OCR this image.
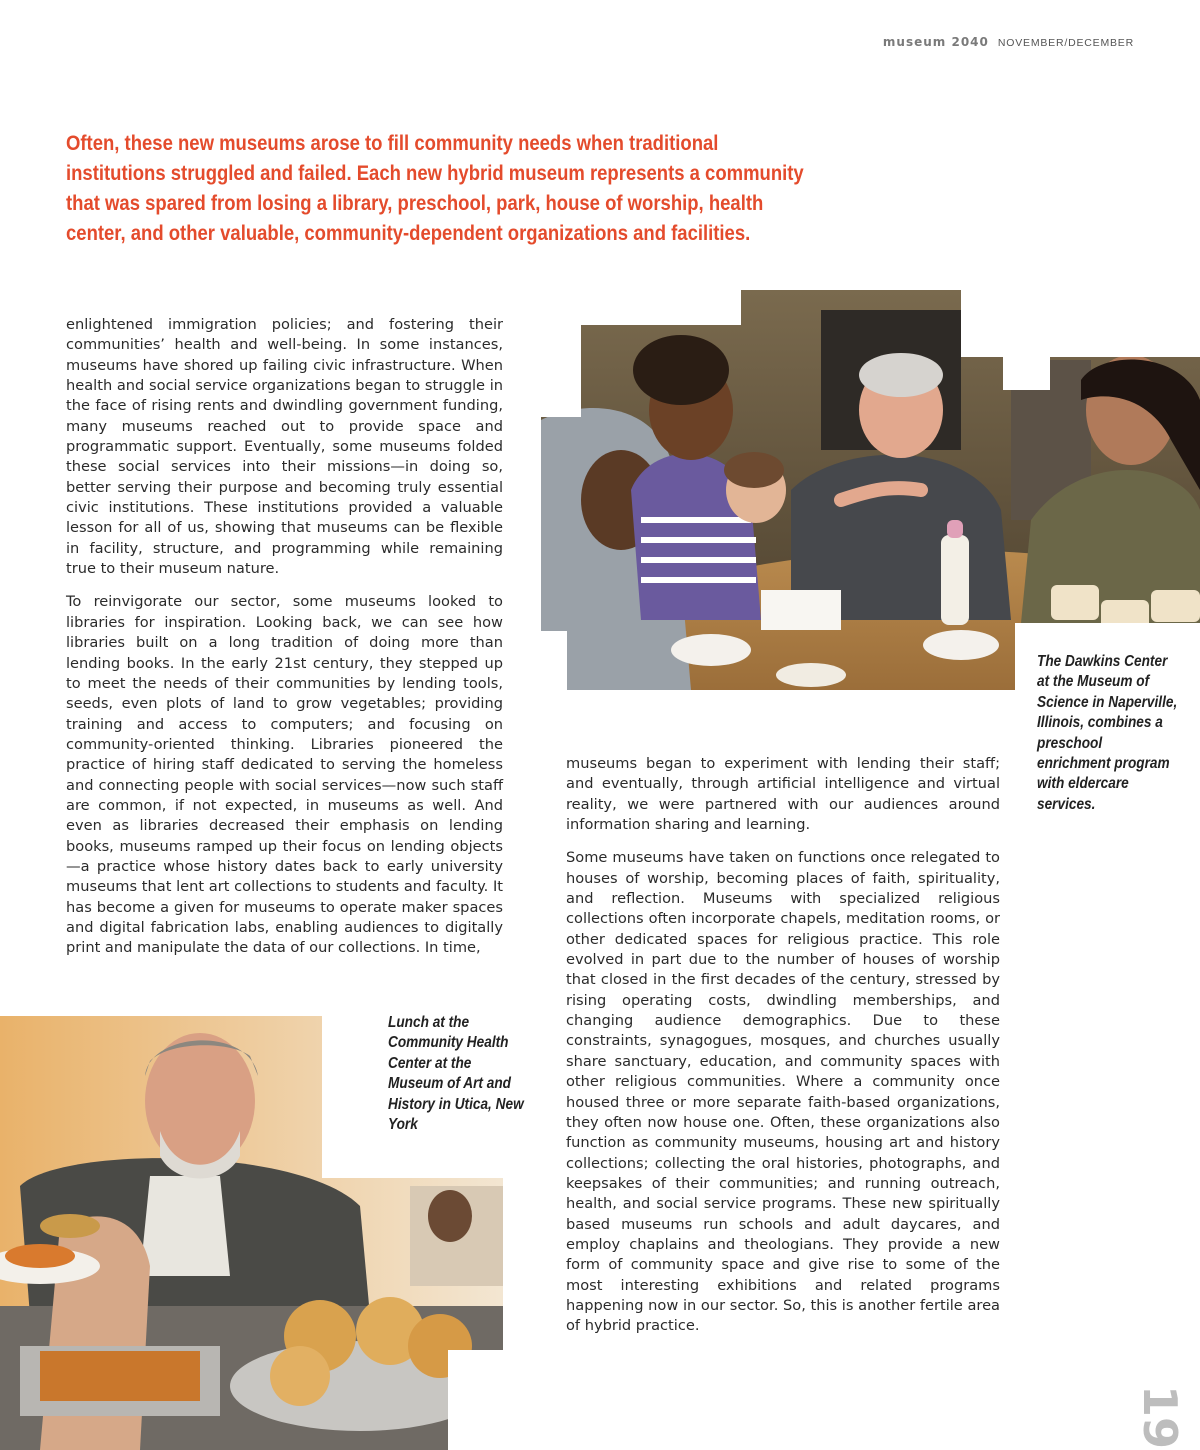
museum 2040 NOVEMBER/DECEMBER

Often, these new museums arose to fill community needs when traditional institutions struggled and failed. Each new hybrid museum represents a community that was spared from losing a library, preschool, park, house of worship, health center, and other valuable, community-dependent organizations and facilities.

The Dawkins Center at the Museum of Science in Naperville, Illinois, combines a preschool enrichment program with eldercare services.

enlightened immigration policies; and fostering their communities’ health and well-being. In some instances, museums have shored up failing civic infrastructure. When health and social service organizations began to struggle in the face of rising rents and dwindling government funding, many museums reached out to provide space and programmatic support. Eventually, some museums folded these social services into their missions—in doing so, better serving their purpose and becoming truly essential civic institutions. These institutions provided a valuable lesson for all of us, showing that museums can be flexible in facility, structure, and programming while remaining true to their museum nature.

To reinvigorate our sector, some museums looked to libraries for inspiration. Looking back, we can see how libraries built on a long tradition of doing more than lending books. In the early 21st century, they stepped up to meet the needs of their communities by lending tools, seeds, even plots of land to grow vegetables; providing training and access to computers; and focusing on community-oriented thinking. Libraries pioneered the practice of hiring staff dedicated to serving the homeless and connecting people with social services—now such staff are common, if not expected, in museums as well. And even as libraries decreased their emphasis on lending books, museums ramped up their focus on lending objects—a practice whose history dates back to early university museums that lent art collections to students and faculty. It has become a given for museums to operate maker spaces and digital fabrication labs, enabling audiences to digitally print and manipulate the data of our collections. In time,

museums began to experiment with lending their staff; and eventually, through artificial intelligence and virtual reality, we were partnered with our audiences around information sharing and learning.

Some museums have taken on functions once relegated to houses of worship, becoming places of faith, spirituality, and reflection. Museums with specialized religious collections often incorporate chapels, meditation rooms, or other dedicated spaces for religious practice. This role evolved in part due to the number of houses of worship that closed in the first decades of the century, stressed by rising operating costs, dwindling memberships, and changing audience demographics. Due to these constraints, synagogues, mosques, and churches usually share sanctuary, education, and community spaces with other religious communities. Where a community once housed three or more separate faith-based organizations, they often now house one. Often, these organizations also function as community museums, housing art and history collections; collecting the oral histories, photographs, and keepsakes of their communities; and running outreach, health, and social service programs. These new spiritually based museums run schools and adult daycares, and employ chaplains and theologians. They provide a new form of community space and give rise to some of the most interesting exhibitions and related programs happening now in our sector. So, this is another fertile area of hybrid practice.

Lunch at the Community Health Center at the Museum of Art and History in Utica, New York

19
